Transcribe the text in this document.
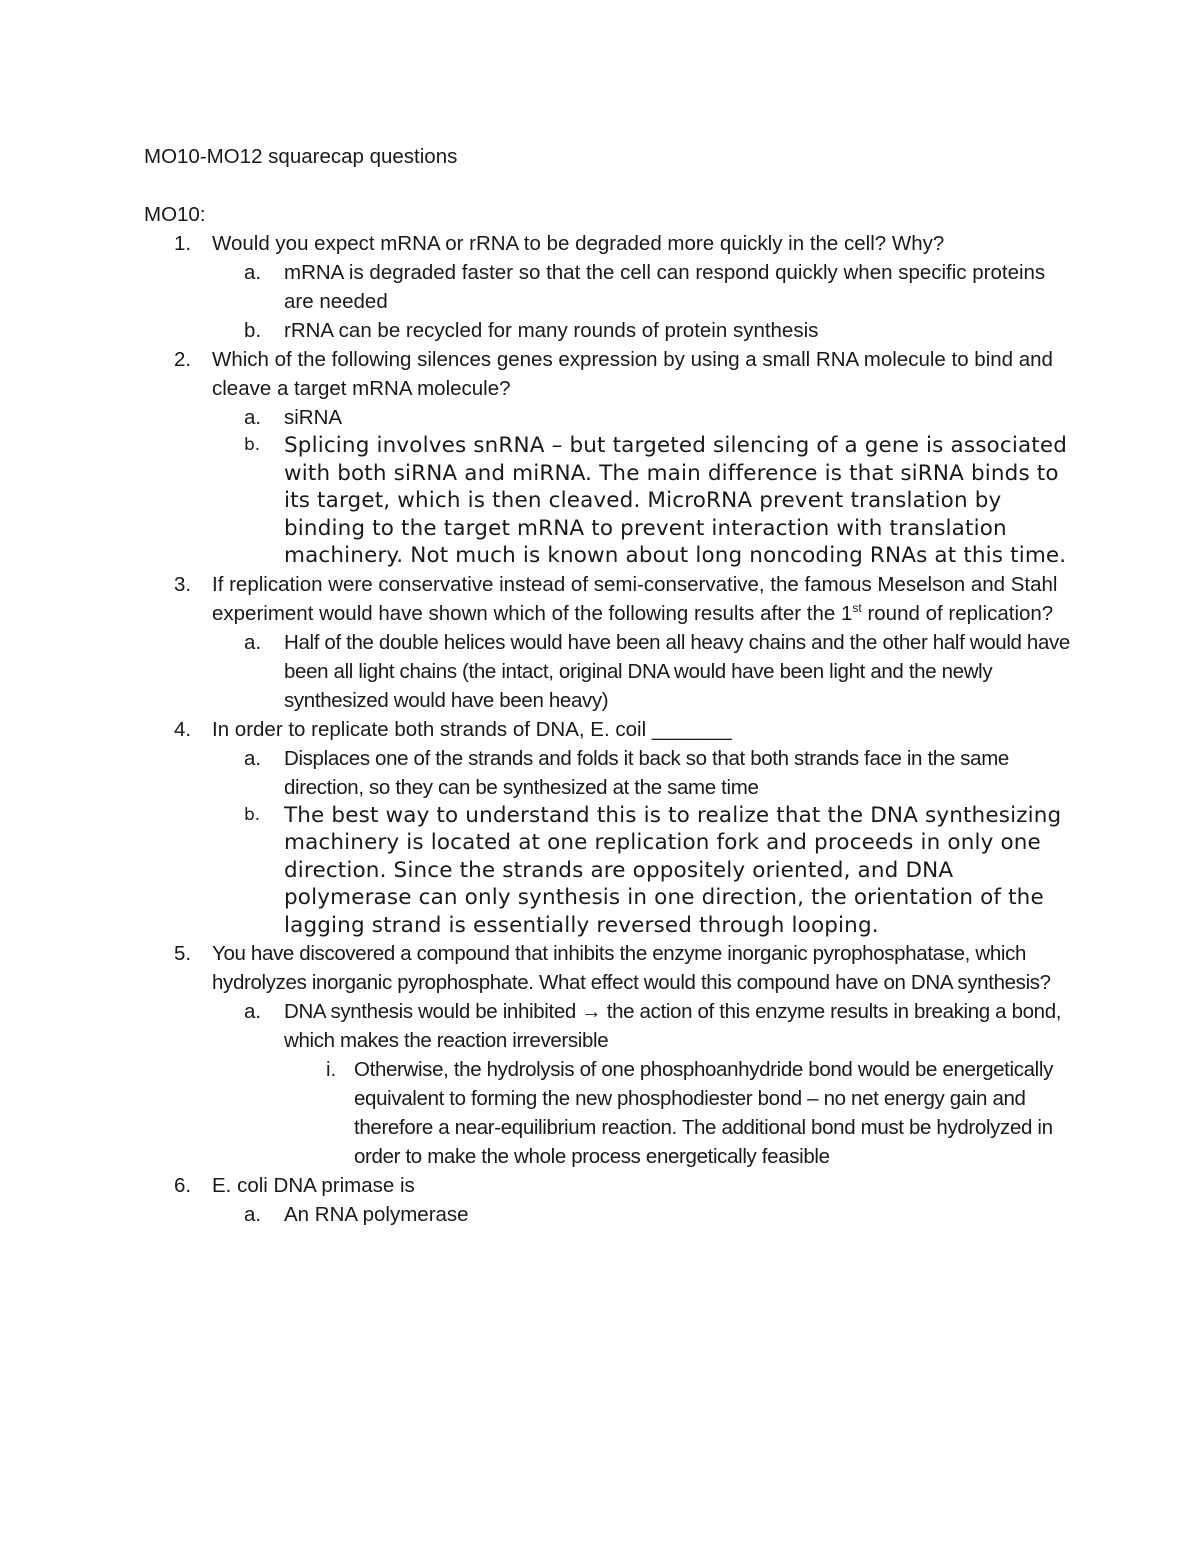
MO10-MO12 squarecap questions

MO10:

1. Would you expect mRNA or rRNA to be degraded more quickly in the cell? Why?
a. mRNA is degraded faster so that the cell can respond quickly when specific proteins are needed
b. rRNA can be recycled for many rounds of protein synthesis
2. Which of the following silences genes expression by using a small RNA molecule to bind and cleave a target mRNA molecule?
a. siRNA
b. Splicing involves snRNA – but targeted silencing of a gene is associated with both siRNA and miRNA. The main difference is that siRNA binds to its target, which is then cleaved. MicroRNA prevent translation by binding to the target mRNA to prevent interaction with translation machinery. Not much is known about long noncoding RNAs at this time.
3. If replication were conservative instead of semi-conservative, the famous Meselson and Stahl experiment would have shown which of the following results after the 1st round of replication?
a. Half of the double helices would have been all heavy chains and the other half would have been all light chains (the intact, original DNA would have been light and the newly synthesized would have been heavy)
4. In order to replicate both strands of DNA, E. coil _______
a. Displaces one of the strands and folds it back so that both strands face in the same direction, so they can be synthesized at the same time
b. The best way to understand this is to realize that the DNA synthesizing machinery is located at one replication fork and proceeds in only one direction. Since the strands are oppositely oriented, and DNA polymerase can only synthesis in one direction, the orientation of the lagging strand is essentially reversed through looping.
5. You have discovered a compound that inhibits the enzyme inorganic pyrophosphatase, which hydrolyzes inorganic pyrophosphate. What effect would this compound have on DNA synthesis?
a. DNA synthesis would be inhibited → the action of this enzyme results in breaking a bond, which makes the reaction irreversible
i. Otherwise, the hydrolysis of one phosphoanhydride bond would be energetically equivalent to forming the new phosphodiester bond – no net energy gain and therefore a near-equilibrium reaction. The additional bond must be hydrolyzed in order to make the whole process energetically feasible
6. E. coli DNA primase is
a. An RNA polymerase
